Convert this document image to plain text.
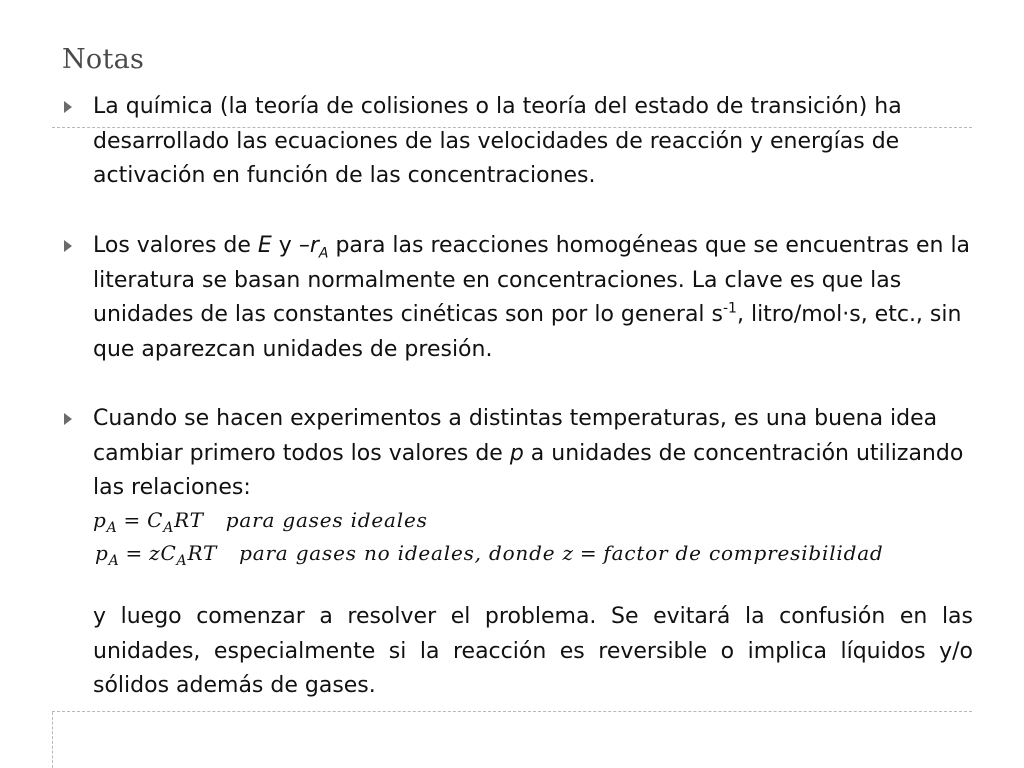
Notas
La química (la teoría de colisiones o la teoría del estado de transición) ha desarrollado las ecuaciones de las velocidades de reacción y energías de activación en función de las concentraciones.
Los valores de E y $-r_A$ para las reacciones homogéneas que se encuentras en la literatura se basan normalmente en concentraciones. La clave es que las unidades de las constantes cinéticas son por lo general $s^{-1}$, litro/mol·s, etc., sin que aparezcan unidades de presión.
Cuando se hacen experimentos a distintas temperaturas, es una buena idea cambiar primero todos los valores de p a unidades de concentración utilizando las relaciones:
$p_A = C_ART$ para gases ideales
$p_A = zC_ART$ para gases no ideales, donde z = factor de compresibilidad
y luego comenzar a resolver el problema. Se evitará la confusión en las unidades, especialmente si la reacción es reversible o implica líquidos y/o sólidos además de gases.
